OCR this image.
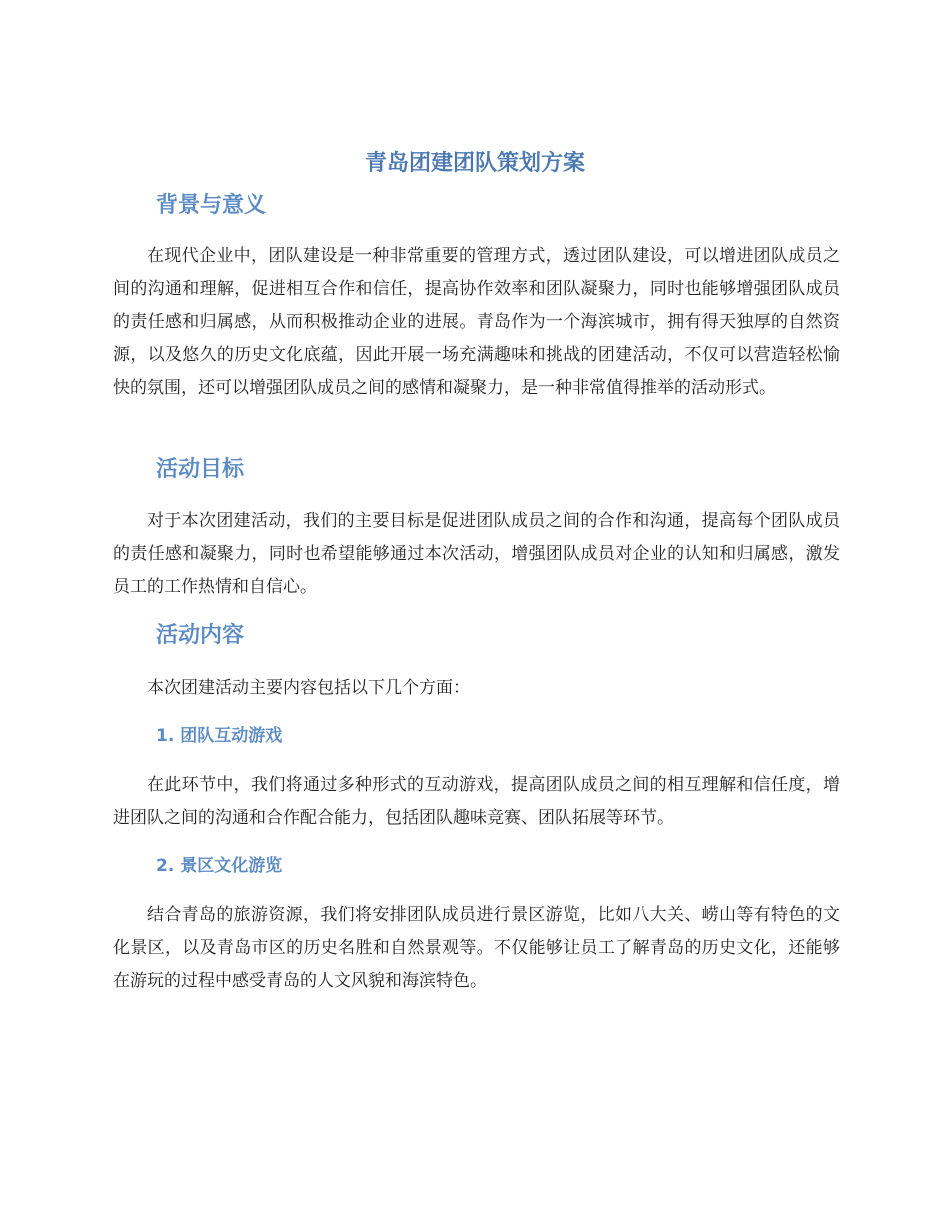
青岛团建团队策划方案
背景与意义

在现代企业中，团队建设是一种非常重要的管理方式，透过团队建设，可以增进团队成员之间的沟通和理解，促进相互合作和信任，提高协作效率和团队凝聚力，同时也能够增强团队成员的责任感和归属感，从而积极推动企业的进展。青岛作为一个海滨城市，拥有得天独厚的自然资源，以及悠久的历史文化底蕴，因此开展一场充满趣味和挑战的团建活动，不仅可以营造轻松愉快的氛围，还可以增强团队成员之间的感情和凝聚力，是一种非常值得推举的活动形式。

活动目标

对于本次团建活动，我们的主要目标是促进团队成员之间的合作和沟通，提高每个团队成员的责任感和凝聚力，同时也希望能够通过本次活动，增强团队成员对企业的认知和归属感，激发员工的工作热情和自信心。

活动内容

本次团建活动主要内容包括以下几个方面：

1. 团队互动游戏

在此环节中，我们将通过多种形式的互动游戏，提高团队成员之间的相互理解和信任度，增进团队之间的沟通和合作配合能力，包括团队趣味竞赛、团队拓展等环节。

2. 景区文化游览

结合青岛的旅游资源，我们将安排团队成员进行景区游览，比如八大关、崂山等有特色的文化景区，以及青岛市区的历史名胜和自然景观等。不仅能够让员工了解青岛的历史文化，还能够在游玩的过程中感受青岛的人文风貌和海滨特色。
